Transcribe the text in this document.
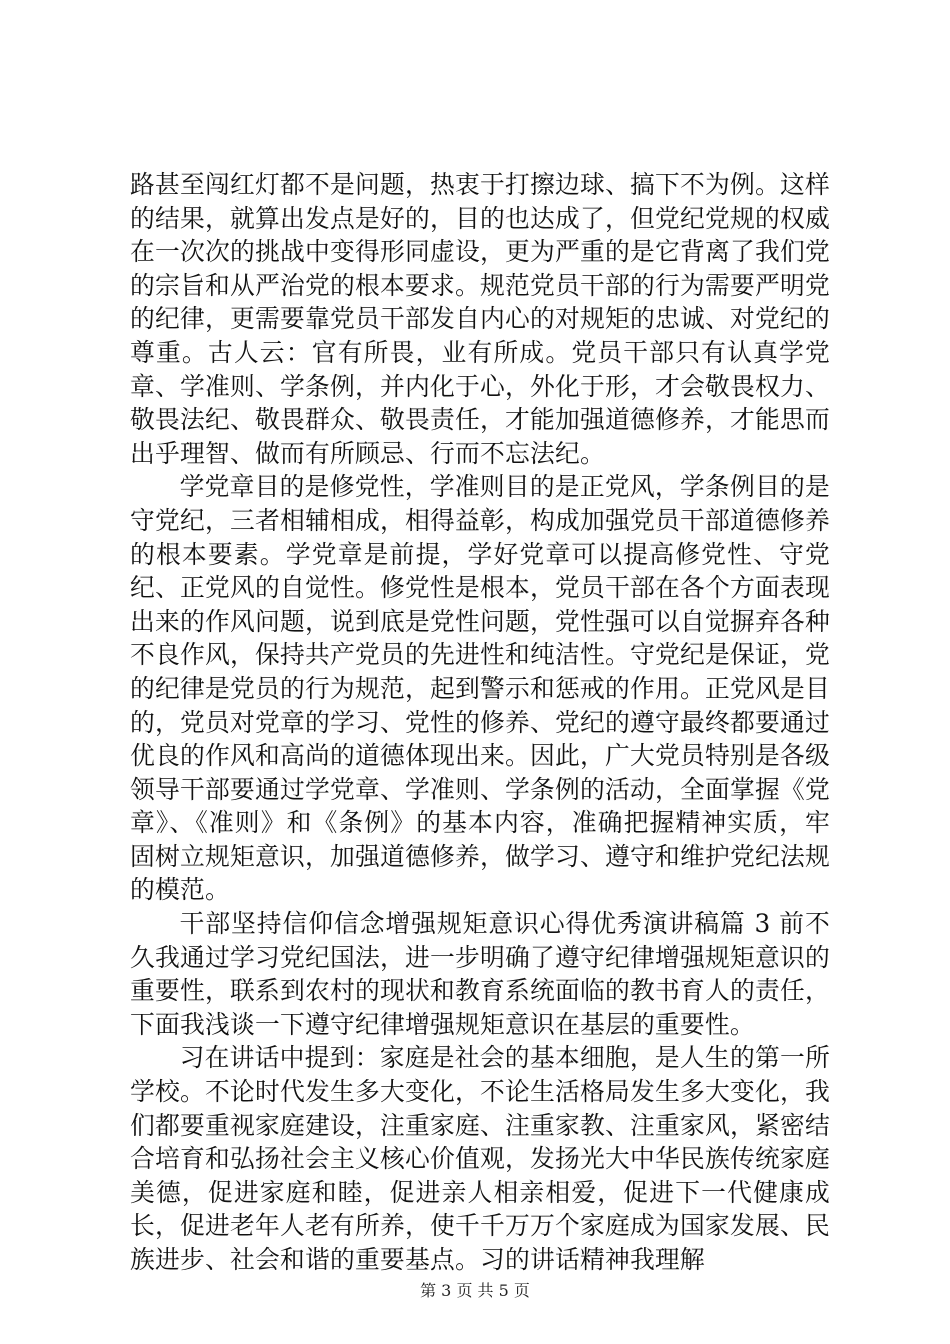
路甚至闯红灯都不是问题，热衷于打擦边球、搞下不为例。这样的结果，就算出发点是好的，目的也达成了，但党纪党规的权威在一次次的挑战中变得形同虚设，更为严重的是它背离了我们党的宗旨和从严治党的根本要求。规范党员干部的行为需要严明党的纪律，更需要靠党员干部发自内心的对规矩的忠诚、对党纪的尊重。古人云：官有所畏，业有所成。党员干部只有认真学党章、学准则、学条例，并内化于心，外化于形，才会敬畏权力、敬畏法纪、敬畏群众、敬畏责任，才能加强道德修养，才能思而出乎理智、做而有所顾忌、行而不忘法纪。

学党章目的是修党性，学准则目的是正党风，学条例目的是守党纪，三者相辅相成，相得益彰，构成加强党员干部道德修养的根本要素。学党章是前提，学好党章可以提高修党性、守党纪、正党风的自觉性。修党性是根本，党员干部在各个方面表现出来的作风问题，说到底是党性问题，党性强可以自觉摒弃各种不良作风，保持共产党员的先进性和纯洁性。守党纪是保证，党的纪律是党员的行为规范，起到警示和惩戒的作用。正党风是目的，党员对党章的学习、党性的修养、党纪的遵守最终都要通过优良的作风和高尚的道德体现出来。因此，广大党员特别是各级领导干部要通过学党章、学准则、学条例的活动，全面掌握《党章》、《准则》和《条例》的基本内容，准确把握精神实质，牢固树立规矩意识，加强道德修养，做学习、遵守和维护党纪法规的模范。

干部坚持信仰信念增强规矩意识心得优秀演讲稿篇 3 前不久我通过学习党纪国法，进一步明确了遵守纪律增强规矩意识的重要性，联系到农村的现状和教育系统面临的教书育人的责任，下面我浅谈一下遵守纪律增强规矩意识在基层的重要性。

习在讲话中提到：家庭是社会的基本细胞，是人生的第一所学校。不论时代发生多大变化，不论生活格局发生多大变化，我们都要重视家庭建设，注重家庭、注重家教、注重家风，紧密结合培育和弘扬社会主义核心价值观，发扬光大中华民族传统家庭美德，促进家庭和睦，促进亲人相亲相爱，促进下一代健康成长，促进老年人老有所养，使千千万万个家庭成为国家发展、民族进步、社会和谐的重要基点。习的讲话精神我理解

第 3 页 共 5 页
